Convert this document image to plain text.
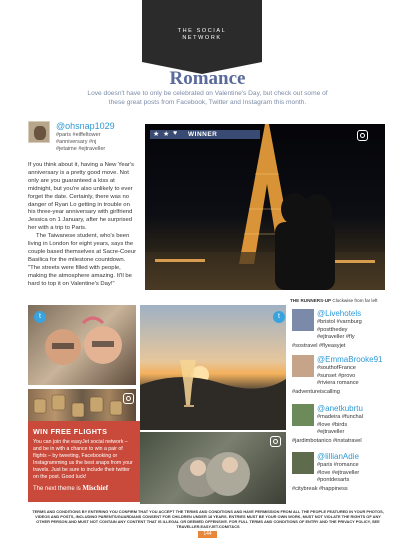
THE SOCIAL
NETWORK
Romance
Love doesn't have to only be celebrated on Valentine's Day, but check out some of these great posts from Facebook, Twitter and Instagram this month.
@ohsnap1029
#paris #eiffeltower
#anniversary #nj
#jetaime #ejtraveller

If you think about it, having a New Year's anniversary is a pretty good move. Not only are you guaranteed a kiss at midnight, but you're also unlikely to ever forget the date. Certainly, there was no danger of Ryan Lo getting in trouble on his three-year anniversary with girlfriend Jessica on 1 January, after he surprised her with a trip to Paris.

The Taiwanese student, who's been living in London for eight years, says the couple based themselves at Sacre-Coeur Basilica for the milestone countdown. "The streets were filled with people, making the atmosphere amazing. It'll be hard to top it on Valentine's Day!"

★ ★ ♥ WINNER
THE RUNNERS-UP Clockwise from far left
t	t	@Livehotels
#bristol #varnburg
#postthedey
#ejtraveller #fly
#sostravel #flyeasyjet
@EmmaBrooke91
#southofFrance
#sunset #provo
#riviera romance
#adventureiscalling
@anetkubrtu
#madeira #funchal
#love #birds
#ejtraveller
#jardimbotanico #instatravel
@lillianAdie
#paris #romance
#love #ejtraveller
#pontdesarts
#citybreak #happiness
WIN FREE FLIGHTS
You can join the easyJet social network – and be in with a chance to win a pair of flights – by tweeting, Facebooking or Instagramming us the best snaps from your travels. Just be sure to include their twitter on the post. Good luck!
The next theme is Mischief
TERMS AND CONDITIONS BY ENTERING YOU CONFIRM THAT YOU ACCEPT THE TERMS AND CONDITIONS AND HAVE PERMISSION FROM ALL THE PEOPLE FEATURED IN YOUR PHOTOS, VIDEOS AND POSTS, INCLUDING PARENTS/GUARDIANS CONSENT FOR CHILDREN UNDER 18 YEARS. ENTRIES MUST BE YOUR OWN WORK, MUST NOT VIOLATE THE RIGHTS OF ANY OTHER PERSON AND MUST NOT CONTAIN ANY CONTENT THAT IS ILLEGAL OR DEEMED OFFENSIVE. FOR FULL TERMS AND CONDITIONS OF ENTRY AND THE PRIVACY POLICY, SEE TRAVELLER.EASYJET.COM/T&CS
144
